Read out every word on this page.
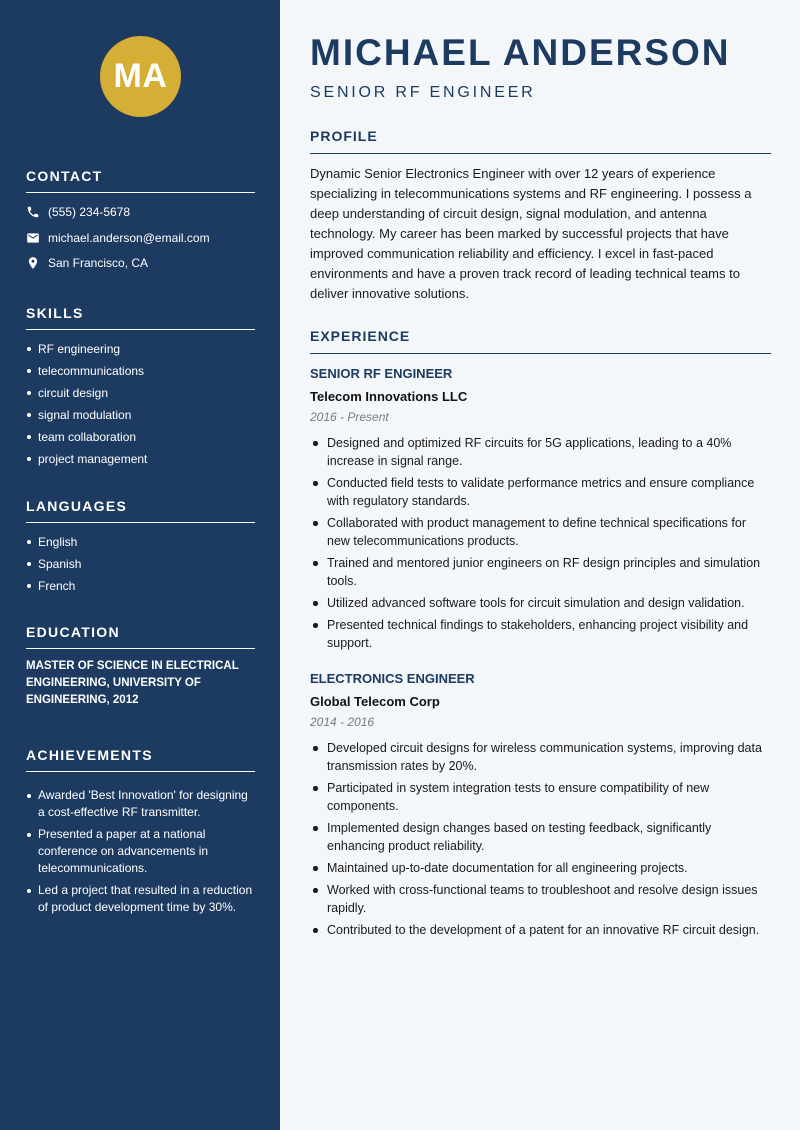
MA
CONTACT
(555) 234-5678
michael.anderson@email.com
San Francisco, CA
SKILLS
RF engineering
telecommunications
circuit design
signal modulation
team collaboration
project management
LANGUAGES
English
Spanish
French
EDUCATION
MASTER OF SCIENCE IN ELECTRICAL ENGINEERING, UNIVERSITY OF ENGINEERING, 2012
ACHIEVEMENTS
Awarded 'Best Innovation' for designing a cost-effective RF transmitter.
Presented a paper at a national conference on advancements in telecommunications.
Led a project that resulted in a reduction of product development time by 30%.
MICHAEL ANDERSON
SENIOR RF ENGINEER
PROFILE
Dynamic Senior Electronics Engineer with over 12 years of experience specializing in telecommunications systems and RF engineering. I possess a deep understanding of circuit design, signal modulation, and antenna technology. My career has been marked by successful projects that have improved communication reliability and efficiency. I excel in fast-paced environments and have a proven track record of leading technical teams to deliver innovative solutions.
EXPERIENCE
SENIOR RF ENGINEER
Telecom Innovations LLC
2016 - Present
Designed and optimized RF circuits for 5G applications, leading to a 40% increase in signal range.
Conducted field tests to validate performance metrics and ensure compliance with regulatory standards.
Collaborated with product management to define technical specifications for new telecommunications products.
Trained and mentored junior engineers on RF design principles and simulation tools.
Utilized advanced software tools for circuit simulation and design validation.
Presented technical findings to stakeholders, enhancing project visibility and support.
ELECTRONICS ENGINEER
Global Telecom Corp
2014 - 2016
Developed circuit designs for wireless communication systems, improving data transmission rates by 20%.
Participated in system integration tests to ensure compatibility of new components.
Implemented design changes based on testing feedback, significantly enhancing product reliability.
Maintained up-to-date documentation for all engineering projects.
Worked with cross-functional teams to troubleshoot and resolve design issues rapidly.
Contributed to the development of a patent for an innovative RF circuit design.
